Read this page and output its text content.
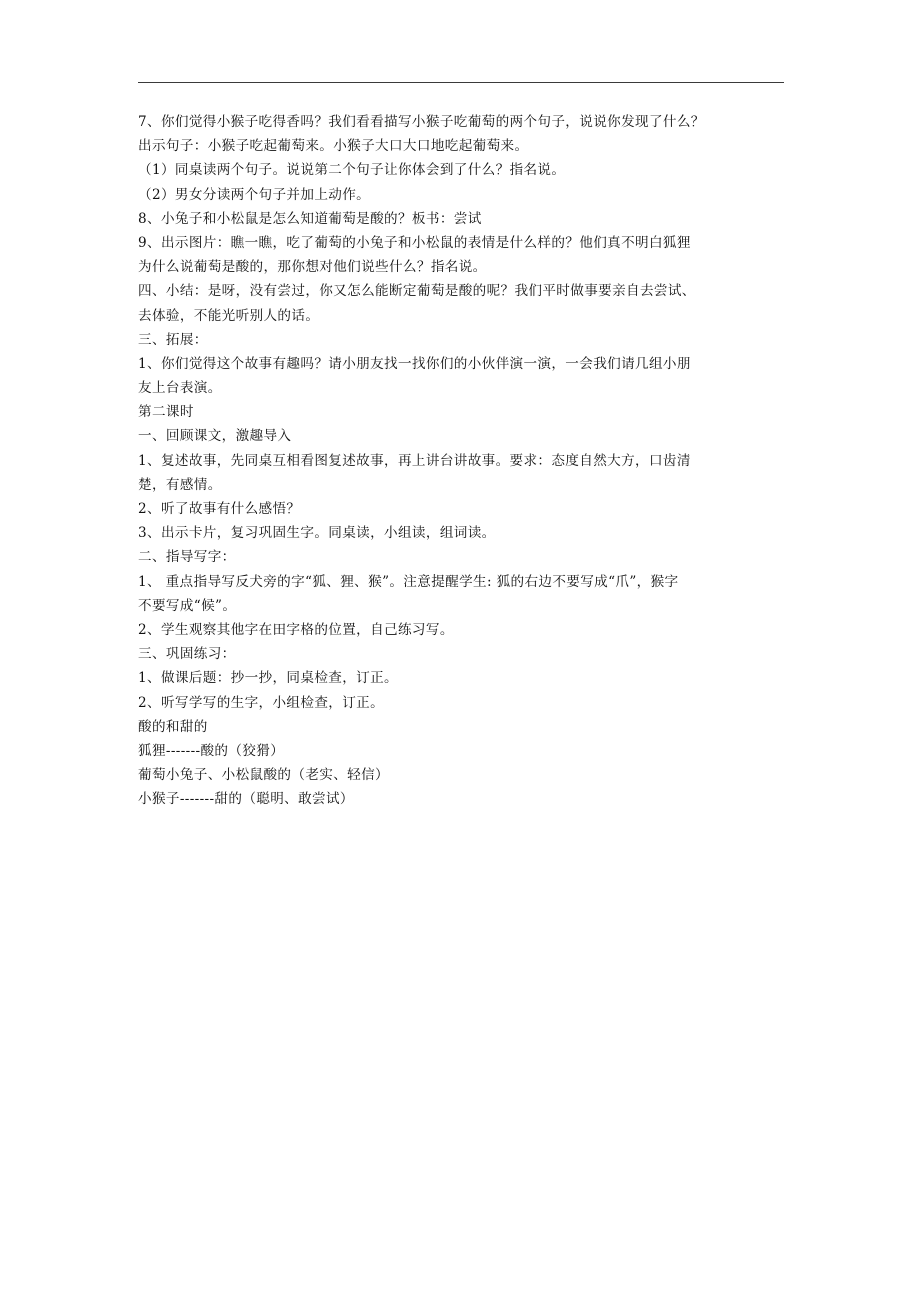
7、你们觉得小猴子吃得香吗？我们看看描写小猴子吃葡萄的两个句子，说说你发现了什么？
出示句子：小猴子吃起葡萄来。小猴子大口大口地吃起葡萄来。
（1）同桌读两个句子。说说第二个句子让你体会到了什么？指名说。
（2）男女分读两个句子并加上动作。
8、小兔子和小松鼠是怎么知道葡萄是酸的？板书：尝试
9、出示图片：瞧一瞧，吃了葡萄的小兔子和小松鼠的表情是什么样的？他们真不明白狐狸
为什么说葡萄是酸的，那你想对他们说些什么？指名说。
四、小结：是呀，没有尝过，你又怎么能断定葡萄是酸的呢？我们平时做事要亲自去尝试、
去体验，不能光听别人的话。
三、拓展：
1、你们觉得这个故事有趣吗？请小朋友找一找你们的小伙伴演一演，一会我们请几组小朋
友上台表演。
第二课时
一、回顾课文，激趣导入
1、复述故事，先同桌互相看图复述故事，再上讲台讲故事。要求：态度自然大方，口齿清
楚，有感情。
2、听了故事有什么感悟？
3、出示卡片，复习巩固生字。同桌读，小组读，组词读。
二、指导写字：
1、 重点指导写反犬旁的字“狐、狸、猴”。注意提醒学生: 狐的右边不要写成“爪”，猴字
不要写成“候”。
2、学生观察其他字在田字格的位置，自己练习写。
三、巩固练习：
1、做课后题：抄一抄，同桌检查，订正。
2、听写学写的生字，小组检查，订正。
酸的和甜的
狐狸-------酸的（狡猾）
葡萄小兔子、小松鼠酸的（老实、轻信）
小猴子-------甜的（聪明、敢尝试）
